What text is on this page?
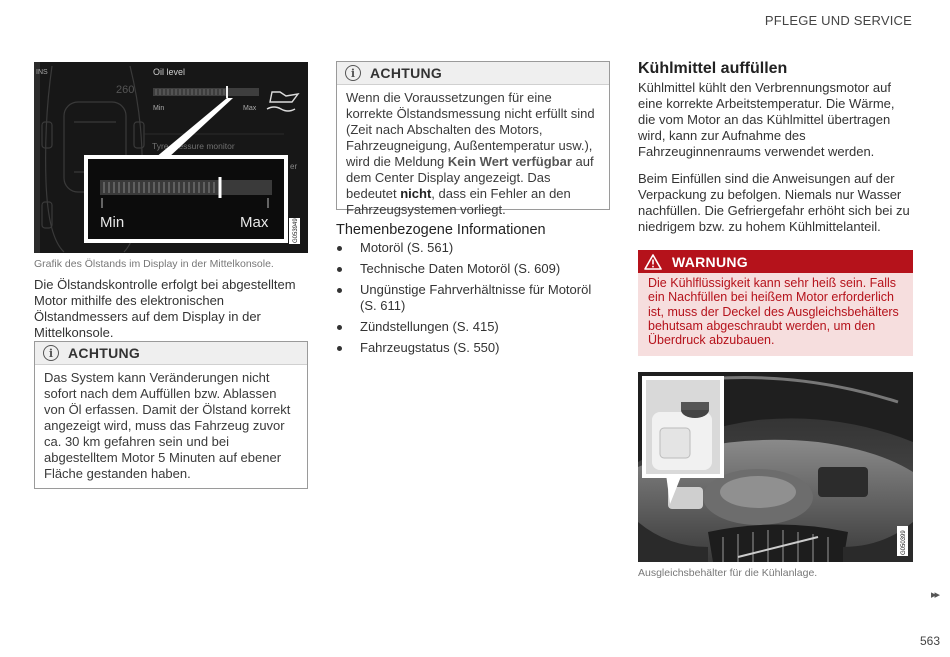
PFLEGE UND SERVICE
INS	Oil level
260
Min	Max
Tyre pressure monitor
er
Min	Max	G053949
Grafik des Ölstands im Display in der Mittelkonsole.
Die Ölstandskontrolle erfolgt bei abgestelltem Motor mithilfe des elektronischen Ölstandmessers auf dem Display in der Mittelkonsole.
i	ACHTUNG
Das System kann Veränderungen nicht sofort nach dem Auffüllen bzw. Ablassen von Öl erfassen. Damit der Ölstand korrekt angezeigt wird, muss das Fahrzeug zuvor ca. 30 km gefahren sein und bei abgestelltem Motor 5 Minuten auf ebener Fläche gestanden haben.
i	ACHTUNG
Wenn die Voraussetzungen für eine korrekte Ölstandsmessung nicht erfüllt sind (Zeit nach Abschalten des Motors, Fahrzeugneigung, Außentemperatur usw.), wird die Meldung Kein Wert verfügbar auf dem Center Display angezeigt. Das bedeutet nicht, dass ein Fehler an den Fahrzeugsystemen vorliegt.
Themenbezogene Informationen
Motoröl (S. 561)
Technische Daten Motoröl (S. 609)
Ungünstige Fahrverhältnisse für Motoröl (S. 611)
Zündstellungen (S. 415)
Fahrzeugstatus (S. 550)
Kühlmittel auffüllen
Kühlmittel kühlt den Verbrennungsmotor auf eine korrekte Arbeitstemperatur. Die Wärme, die vom Motor an das Kühlmittel übertragen wird, kann zur Aufnahme des Fahrzeuginnenraums verwendet werden.
Beim Einfüllen sind die Anweisungen auf der Verpackung zu befolgen. Niemals nur Wasser nachfüllen. Die Gefriergefahr erhöht sich bei zu niedrigem bzw. zu hohem Kühlmittelanteil.
WARNUNG
Die Kühlflüssigkeit kann sehr heiß sein. Falls ein Nachfüllen bei heißem Motor erforderlich ist, muss der Deckel des Ausgleichsbehälters behutsam abgeschraubt werden, um den Überdruck abzubauen.
G050399
Ausgleichsbehälter für die Kühlanlage.
▸▸
563
